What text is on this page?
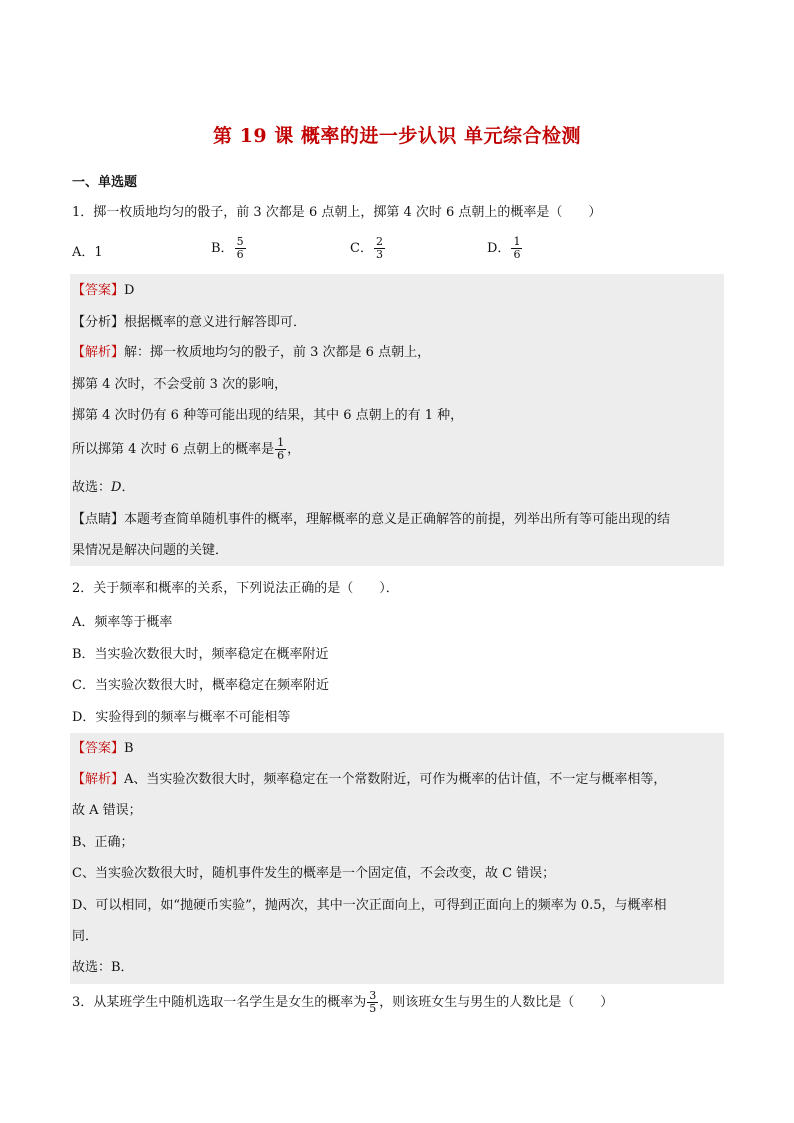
第 19 课 概率的进一步认识 单元综合检测
一、单选题
1．掷一枚质地均匀的骰子，前 3 次都是 6 点朝上，掷第 4 次时 6 点朝上的概率是（　　）
A．1	B． $\frac{5}{6}$	C． $\frac{2}{3}$	D． $\frac{1}{6}$
【答案】D
【分析】根据概率的意义进行解答即可．
【解析】解：掷一枚质地均匀的骰子，前 3 次都是 6 点朝上，
掷第 4 次时，不会受前 3 次的影响，
掷第 4 次时仍有 6 种等可能出现的结果，其中 6 点朝上的有 1 种，
所以掷第 4 次时 6 点朝上的概率是 $\frac{1}{6}$ ，
故选：D．
【点睛】本题考查简单随机事件的概率，理解概率的意义是正确解答的前提，列举出所有等可能出现的结
果情况是解决问题的关键．
2．关于频率和概率的关系，下列说法正确的是（　　）．
A．频率等于概率
B．当实验次数很大时，频率稳定在概率附近
C．当实验次数很大时，概率稳定在频率附近
D．实验得到的频率与概率不可能相等
【答案】B
【解析】A、当实验次数很大时，频率稳定在一个常数附近，可作为概率的估计值，不一定与概率相等，
故 A 错误；
B、正确；
C、当实验次数很大时，随机事件发生的概率是一个固定值，不会改变，故 C 错误；
D、可以相同，如“抛硬币实验”，抛两次，其中一次正面向上，可得到正面向上的频率为 0.5，与概率相
同．
故选：B．
3．从某班学生中随机选取一名学生是女生的概率为 $\frac{3}{5}$ ，则该班女生与男生的人数比是（　　）
